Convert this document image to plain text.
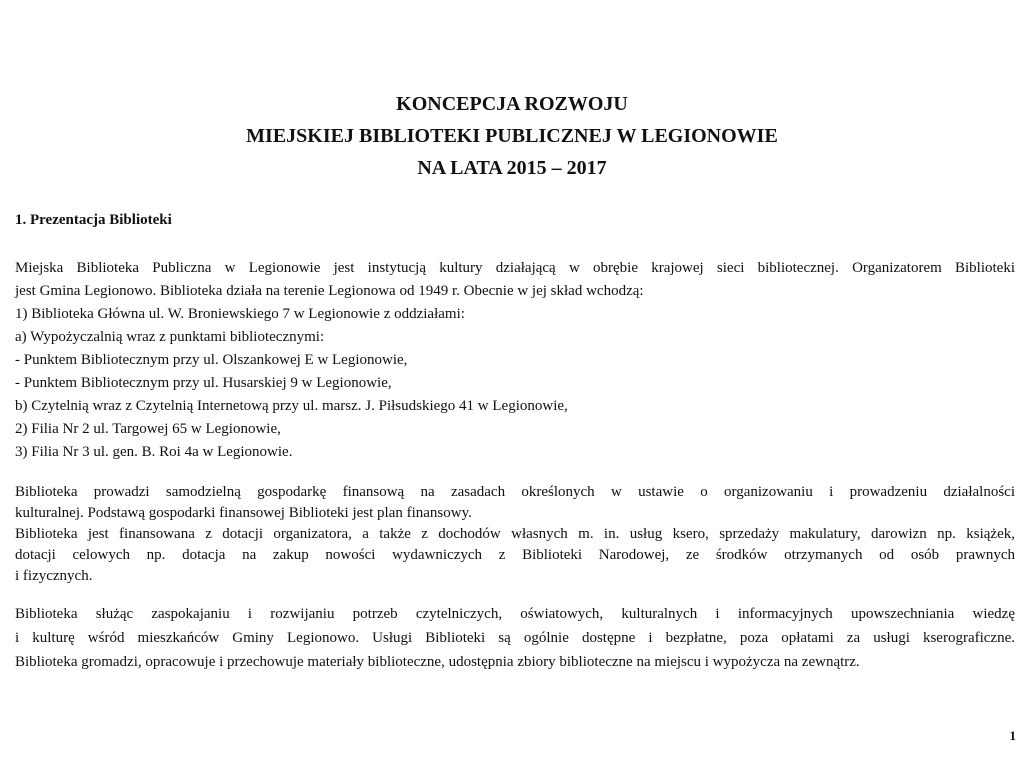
KONCEPCJA ROZWOJU
MIEJSKIEJ BIBLIOTEKI PUBLICZNEJ W LEGIONOWIE
NA LATA 2015 – 2017
1. Prezentacja Biblioteki
Miejska Biblioteka Publiczna w Legionowie jest instytucją kultury działającą w obrębie krajowej sieci bibliotecznej. Organizatorem Biblioteki
jest Gmina Legionowo. Biblioteka działa na terenie Legionowa od 1949 r. Obecnie w jej skład wchodzą:
1) Biblioteka Główna ul. W. Broniewskiego 7 w Legionowie z oddziałami:
a) Wypożyczalnią wraz z punktami bibliotecznymi:
- Punktem Bibliotecznym przy ul. Olszankowej E w Legionowie,
- Punktem Bibliotecznym przy ul. Husarskiej 9 w Legionowie,
b) Czytelnią wraz z Czytelnią Internetową przy ul. marsz. J. Piłsudskiego 41 w Legionowie,
2) Filia Nr 2 ul. Targowej 65 w Legionowie,
3) Filia Nr 3 ul. gen. B. Roi 4a w Legionowie.
Biblioteka prowadzi samodzielną gospodarkę finansową na zasadach określonych w ustawie o organizowaniu i prowadzeniu działalności
kulturalnej. Podstawą gospodarki finansowej Biblioteki jest plan finansowy.
Biblioteka jest finansowana z dotacji organizatora, a także z dochodów własnych m. in. usług ksero, sprzedaży makulatury, darowizn np. książek,
dotacji celowych np. dotacja na zakup nowości wydawniczych z Biblioteki Narodowej, ze środków otrzymanych od osób prawnych
i fizycznych.
Biblioteka służąc zaspokajaniu i rozwijaniu potrzeb czytelniczych, oświatowych, kulturalnych i informacyjnych upowszechniania wiedzę
i kulturę wśród mieszkańców Gminy Legionowo. Usługi Biblioteki są ogólnie dostępne i bezpłatne, poza opłatami za usługi kserograficzne.
Biblioteka gromadzi, opracowuje i przechowuje materiały biblioteczne, udostępnia zbiory biblioteczne na miejscu i wypożycza na zewnątrz.
1
